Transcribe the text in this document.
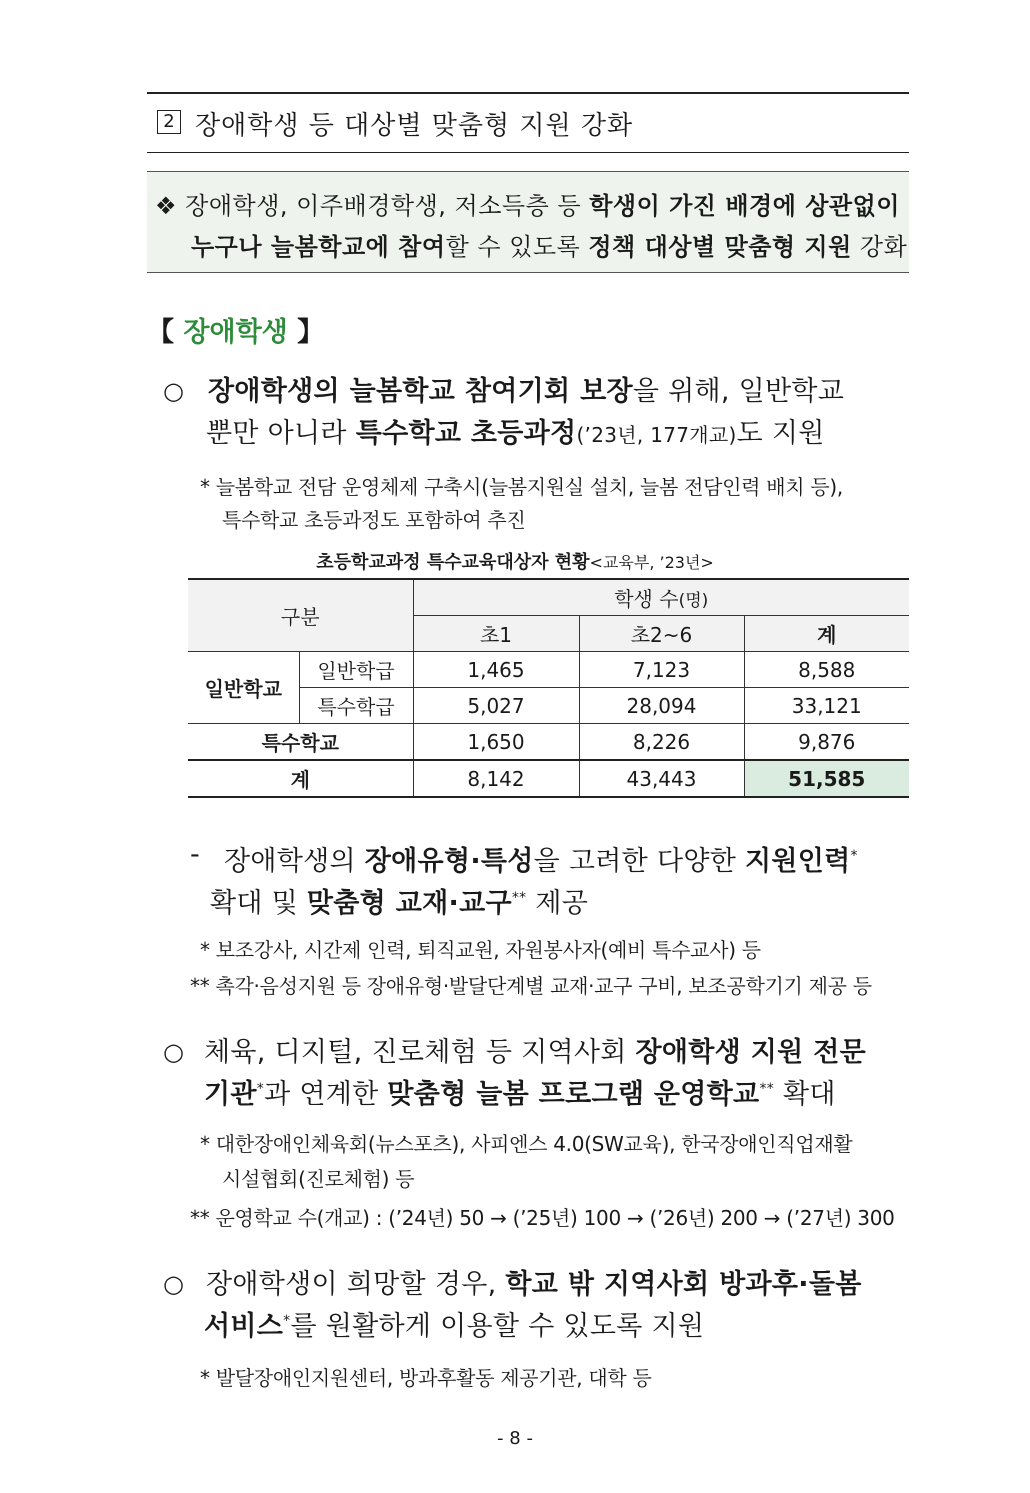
2 장애학생 등 대상별 맞춤형 지원 강화
❖ 장애학생, 이주배경학생, 저소득층 등 학생이 가진 배경에 상관없이
누구나 늘봄학교에 참여할 수 있도록 정책 대상별 맞춤형 지원 강화
【 장애학생 】
○ 장애학생의 늘봄학교 참여기회 보장을 위해, 일반학교
뿐만 아니라 특수학교 초등과정(’23년, 177개교)도 지원
* 늘봄학교 전담 운영체제 구축시(늘봄지원실 설치, 늘봄 전담인력 배치 등),
특수학교 초등과정도 포함하여 추진
초등학교과정 특수교육대상자 현황<교육부, ’23년>
구분		학생 수(명)		
		초1	초2~6	계
일반학교	일반학급	1,465	7,123	8,588
	특수학급	5,027	28,094	33,121
특수학교		1,650	8,226	9,876
계		8,142	43,443	51,585
- 장애학생의 장애유형·특성을 고려한 다양한 지원인력*
확대 및 맞춤형 교재·교구** 제공
* 보조강사, 시간제 인력, 퇴직교원, 자원봉사자(예비 특수교사) 등
** 촉각·음성지원 등 장애유형·발달단계별 교재·교구 구비, 보조공학기기 제공 등
○ 체육, 디지털, 진로체험 등 지역사회 장애학생 지원 전문
기관*과 연계한 맞춤형 늘봄 프로그램 운영학교** 확대
* 대한장애인체육회(뉴스포츠), 사피엔스 4.0(SW교육), 한국장애인직업재활
시설협회(진로체험) 등
** 운영학교 수(개교) : (’24년) 50 → (’25년) 100 → (’26년) 200 → (’27년) 300
○ 장애학생이 희망할 경우, 학교 밖 지역사회 방과후·돌봄
서비스*를 원활하게 이용할 수 있도록 지원
* 발달장애인지원센터, 방과후활동 제공기관, 대학 등
- 8 -
